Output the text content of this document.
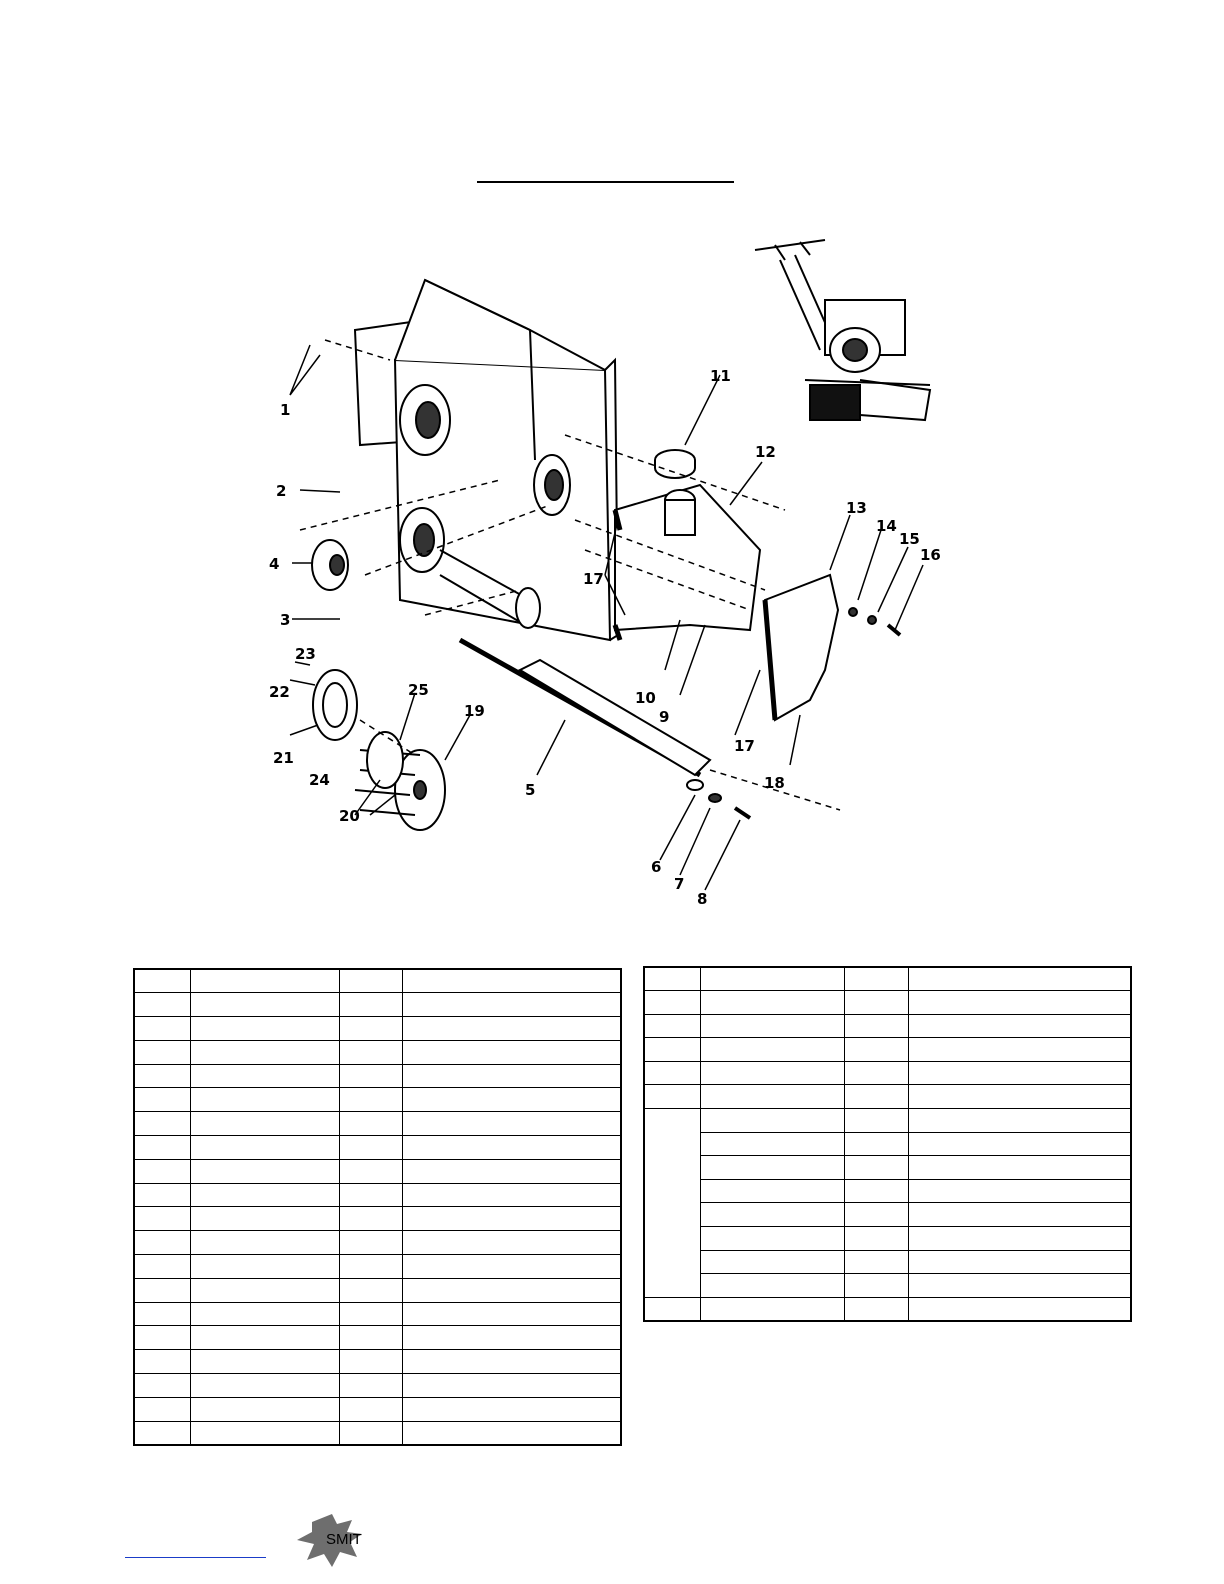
1
2
3
4
5
6
7
8
9
10
11
12
13
14
15
16
17
17
18
19
20
21
22
23
24
25

SMIT
